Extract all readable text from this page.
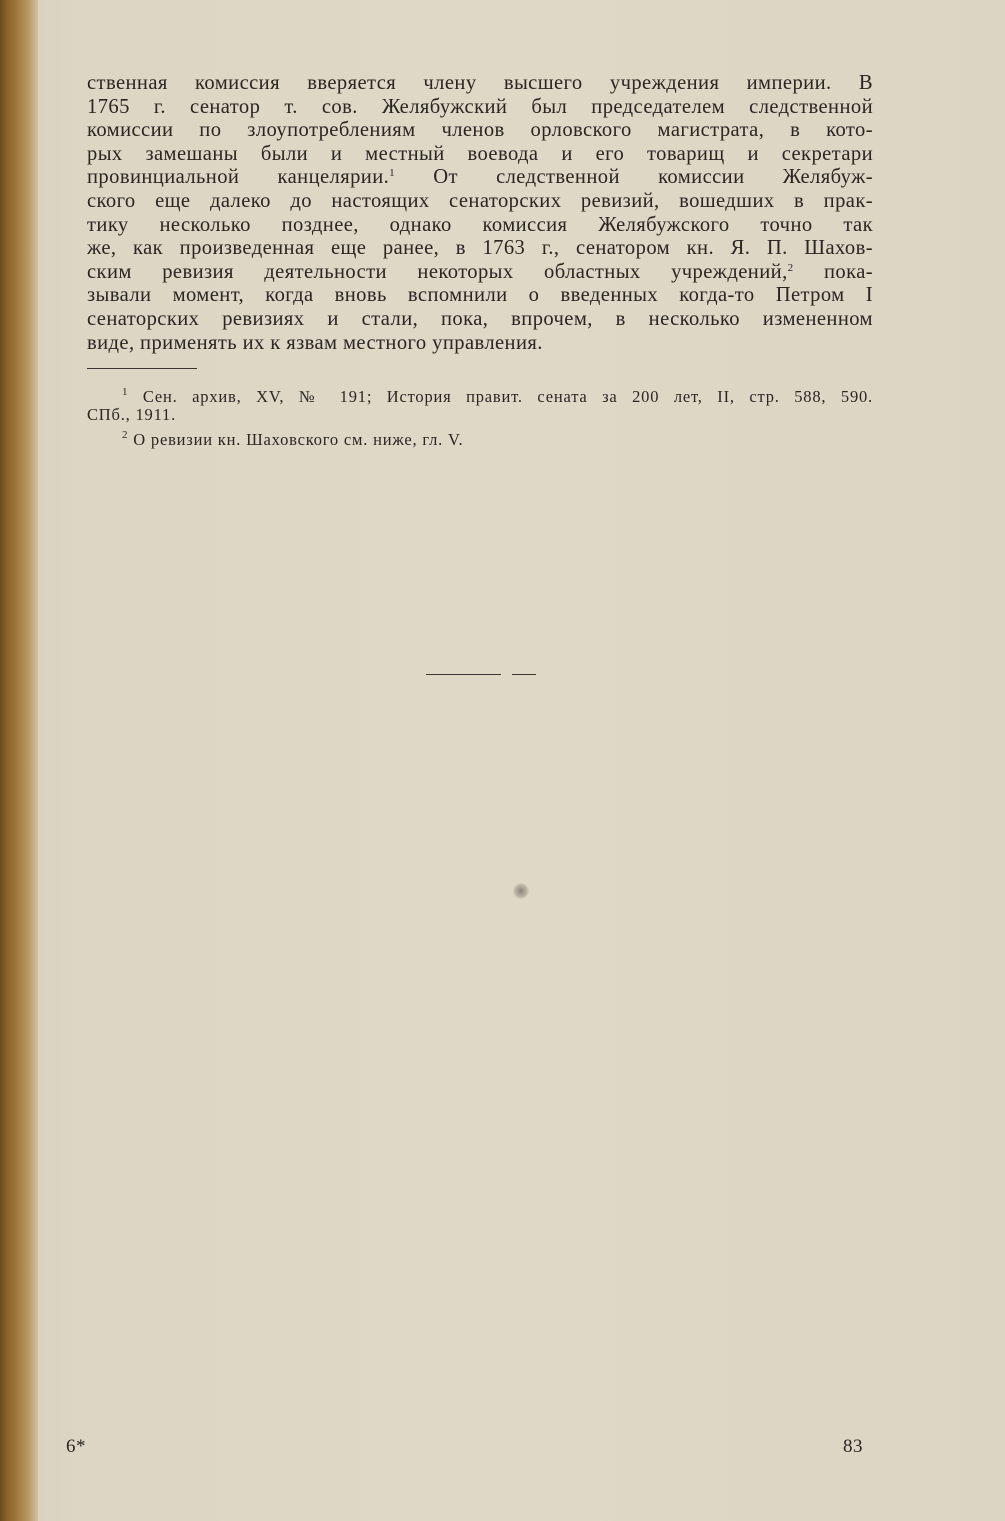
ственная комиссия вверяется члену высшего учреждения империи. В
1765 г. сенатор т. сов. Желябужский был председателем следственной
комиссии по злоупотреблениям членов орловского магистрата, в кото-
рых замешаны были и местный воевода и его товарищ и секретари
провинциальной канцелярии.$^1$ От следственной комиссии Желябуж-
ского еще далеко до настоящих сенаторских ревизий, вошедших в прак-
тику несколько позднее, однако комиссия Желябужского точно так
же, как произведенная еще ранее, в 1763 г., сенатором кн. Я. П. Шахов-
ским ревизия деятельности некоторых областных учреждений,$^2$ пока-
зывали момент, когда вновь вспомнили о введенных когда-то Петром I
сенаторских ревизиях и стали, пока, впрочем, в несколько измененном
виде, применять их к язвам местного управления.
$^1$ Сен. архив, XV, № 191; История правит. сената за 200 лет, II, стр. 588, 590.
СПб., 1911.
$^2$ О ревизии кн. Шаховского см. ниже, гл. V.
6*	83
